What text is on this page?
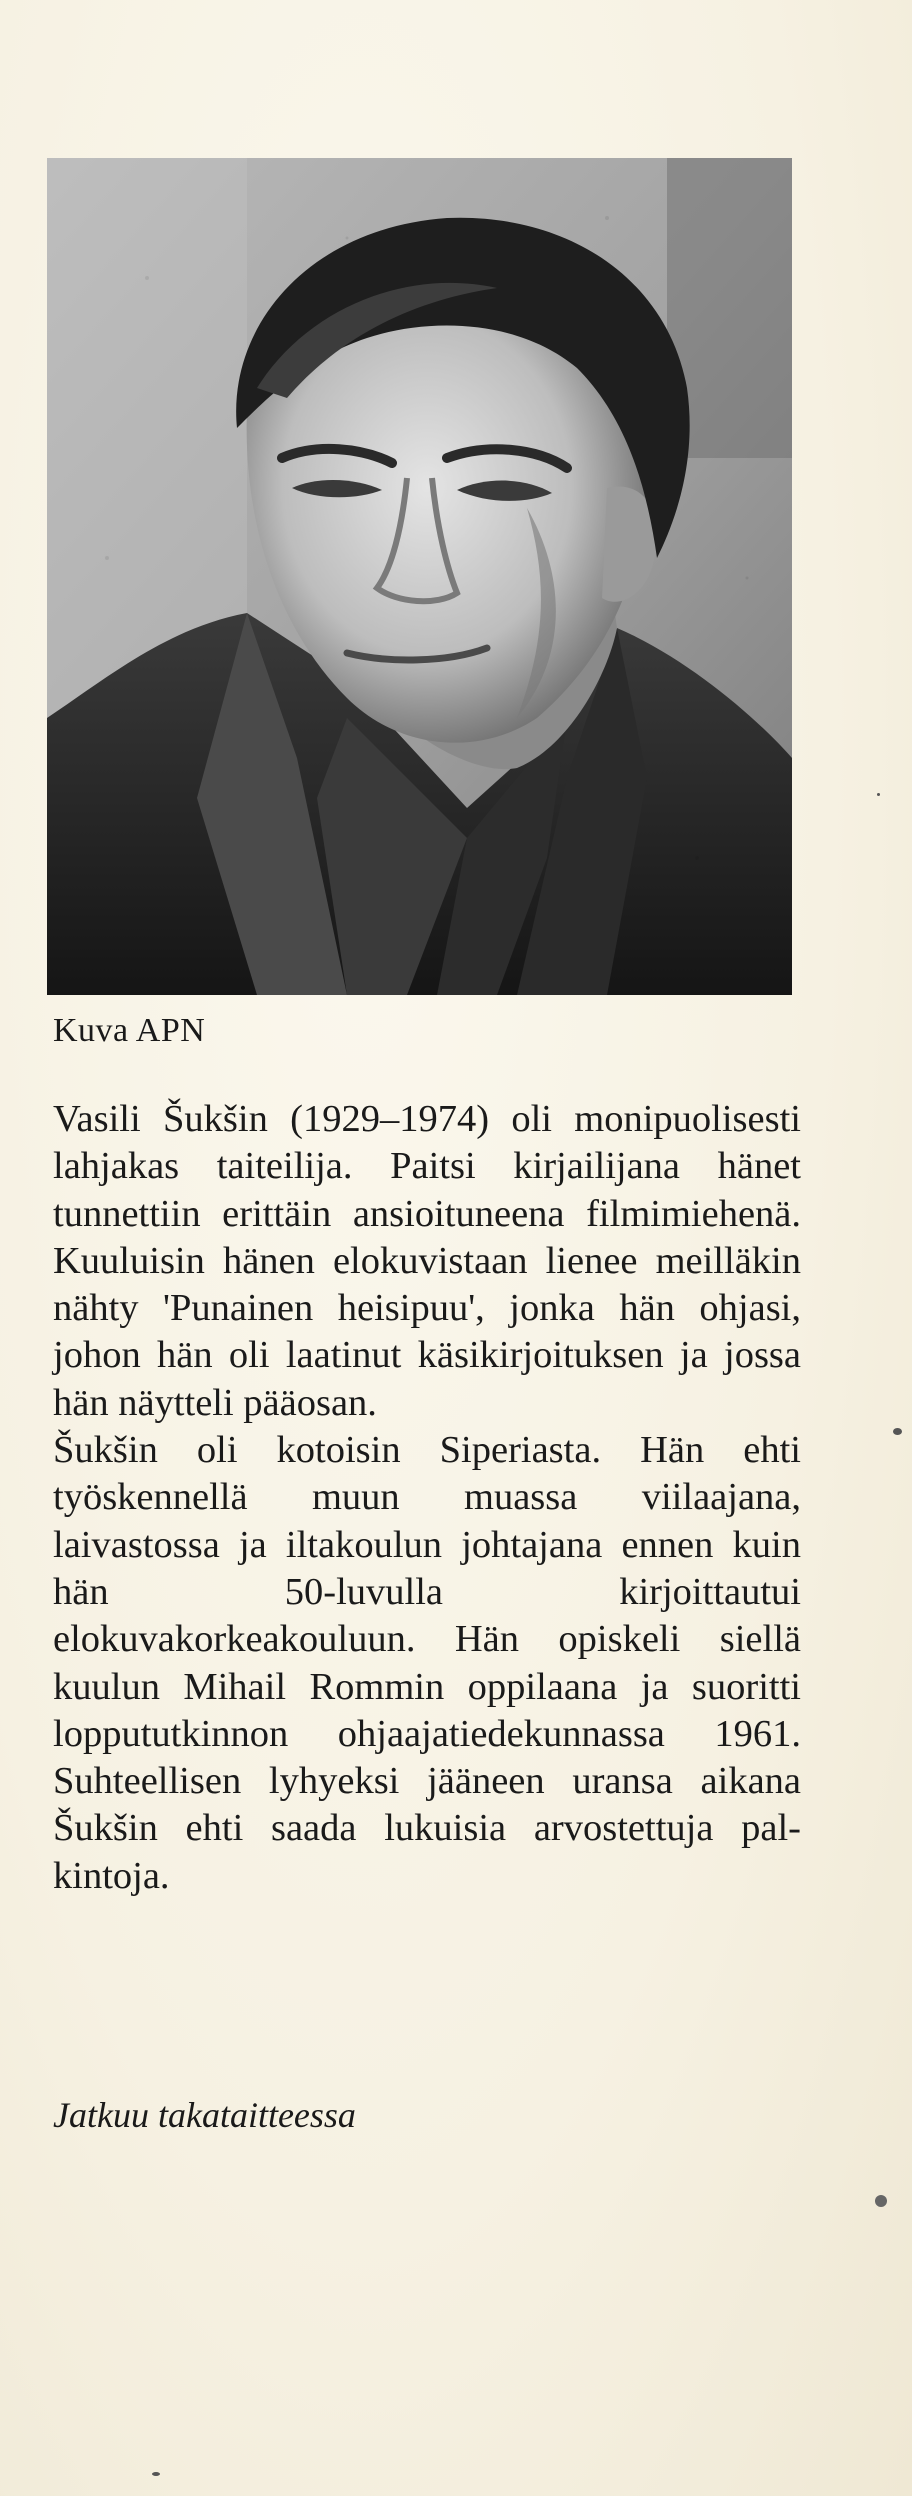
Kuva APN

Vasili Šukšin (1929–1974) oli monipuolisesti lahjakas taiteilija. Paitsi kirjailijana hänet tunnettiin erittäin ansioituneena filmimiehenä. Kuuluisin hänen elokuvistaan lienee meilläkin nähty 'Punainen heisipuu', jonka hän ohjasi, johon hän oli laatinut käsikirjoituksen ja jossa hän näytteli pääosan.

Šukšin oli kotoisin Siperiasta. Hän ehti työskennellä muun muassa viilaajana, laivastossa ja iltakoulun johtajana ennen kuin hän 50-luvulla kirjoittautui elokuvakorkeakouluun. Hän opiskeli siellä kuulun Mihail Rommin oppilaana ja suoritti loppututkinnon ohjaajatiedekunnassa 1961. Suhteellisen lyhyeksi jääneen uransa aikana Šukšin ehti saada lukuisia arvostettuja palkintoja.

Jatkuu takataitteessa
